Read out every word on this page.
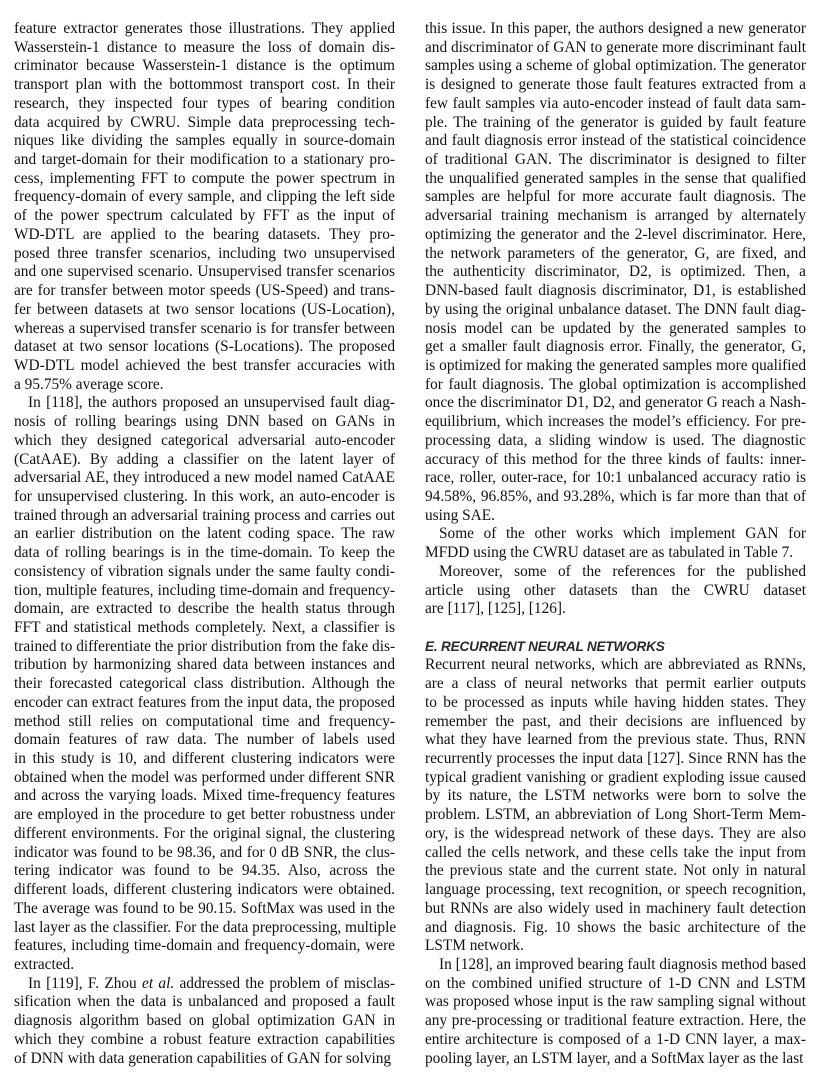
feature extractor generates those illustrations. They applied
Wasserstein-1 distance to measure the loss of domain dis-
criminator because Wasserstein-1 distance is the optimum
transport plan with the bottommost transport cost. In their
research, they inspected four types of bearing condition
data acquired by CWRU. Simple data preprocessing tech-
niques like dividing the samples equally in source-domain
and target-domain for their modification to a stationary pro-
cess, implementing FFT to compute the power spectrum in
frequency-domain of every sample, and clipping the left side
of the power spectrum calculated by FFT as the input of
WD-DTL are applied to the bearing datasets. They pro-
posed three transfer scenarios, including two unsupervised
and one supervised scenario. Unsupervised transfer scenarios
are for transfer between motor speeds (US-Speed) and trans-
fer between datasets at two sensor locations (US-Location),
whereas a supervised transfer scenario is for transfer between
dataset at two sensor locations (S-Locations). The proposed
WD-DTL model achieved the best transfer accuracies with
a 95.75% average score.

In [118], the authors proposed an unsupervised fault diag-
nosis of rolling bearings using DNN based on GANs in
which they designed categorical adversarial auto-encoder
(CatAAE). By adding a classifier on the latent layer of
adversarial AE, they introduced a new model named CatAAE
for unsupervised clustering. In this work, an auto-encoder is
trained through an adversarial training process and carries out
an earlier distribution on the latent coding space. The raw
data of rolling bearings is in the time-domain. To keep the
consistency of vibration signals under the same faulty condi-
tion, multiple features, including time-domain and frequency-
domain, are extracted to describe the health status through
FFT and statistical methods completely. Next, a classifier is
trained to differentiate the prior distribution from the fake dis-
tribution by harmonizing shared data between instances and
their forecasted categorical class distribution. Although the
encoder can extract features from the input data, the proposed
method still relies on computational time and frequency-
domain features of raw data. The number of labels used
in this study is 10, and different clustering indicators were
obtained when the model was performed under different SNR
and across the varying loads. Mixed time-frequency features
are employed in the procedure to get better robustness under
different environments. For the original signal, the clustering
indicator was found to be 98.36, and for 0 dB SNR, the clus-
tering indicator was found to be 94.35. Also, across the
different loads, different clustering indicators were obtained.
The average was found to be 90.15. SoftMax was used in the
last layer as the classifier. For the data preprocessing, multiple
features, including time-domain and frequency-domain, were
extracted.

In [119], F. Zhou et al. addressed the problem of misclas-
sification when the data is unbalanced and proposed a fault
diagnosis algorithm based on global optimization GAN in
which they combine a robust feature extraction capabilities
of DNN with data generation capabilities of GAN for solving

this issue. In this paper, the authors designed a new generator
and discriminator of GAN to generate more discriminant fault
samples using a scheme of global optimization. The generator
is designed to generate those fault features extracted from a
few fault samples via auto-encoder instead of fault data sam-
ple. The training of the generator is guided by fault feature
and fault diagnosis error instead of the statistical coincidence
of traditional GAN. The discriminator is designed to filter
the unqualified generated samples in the sense that qualified
samples are helpful for more accurate fault diagnosis. The
adversarial training mechanism is arranged by alternately
optimizing the generator and the 2-level discriminator. Here,
the network parameters of the generator, G, are fixed, and
the authenticity discriminator, D2, is optimized. Then, a
DNN-based fault diagnosis discriminator, D1, is established
by using the original unbalance dataset. The DNN fault diag-
nosis model can be updated by the generated samples to
get a smaller fault diagnosis error. Finally, the generator, G,
is optimized for making the generated samples more qualified
for fault diagnosis. The global optimization is accomplished
once the discriminator D1, D2, and generator G reach a Nash-
equilibrium, which increases the model’s efficiency. For pre-
processing data, a sliding window is used. The diagnostic
accuracy of this method for the three kinds of faults: inner-
race, roller, outer-race, for 10:1 unbalanced accuracy ratio is
94.58%, 96.85%, and 93.28%, which is far more than that of
using SAE.

Some of the other works which implement GAN for
MFDD using the CWRU dataset are as tabulated in Table 7.

Moreover, some of the references for the published
article using other datasets than the CWRU dataset
are [117], [125], [126].

E. RECURRENT NEURAL NETWORKS

Recurrent neural networks, which are abbreviated as RNNs,
are a class of neural networks that permit earlier outputs
to be processed as inputs while having hidden states. They
remember the past, and their decisions are influenced by
what they have learned from the previous state. Thus, RNN
recurrently processes the input data [127]. Since RNN has the
typical gradient vanishing or gradient exploding issue caused
by its nature, the LSTM networks were born to solve the
problem. LSTM, an abbreviation of Long Short-Term Mem-
ory, is the widespread network of these days. They are also
called the cells network, and these cells take the input from
the previous state and the current state. Not only in natural
language processing, text recognition, or speech recognition,
but RNNs are also widely used in machinery fault detection
and diagnosis. Fig. 10 shows the basic architecture of the
LSTM network.

In [128], an improved bearing fault diagnosis method based
on the combined unified structure of 1-D CNN and LSTM
was proposed whose input is the raw sampling signal without
any pre-processing or traditional feature extraction. Here, the
entire architecture is composed of a 1-D CNN layer, a max-
pooling layer, an LSTM layer, and a SoftMax layer as the last
